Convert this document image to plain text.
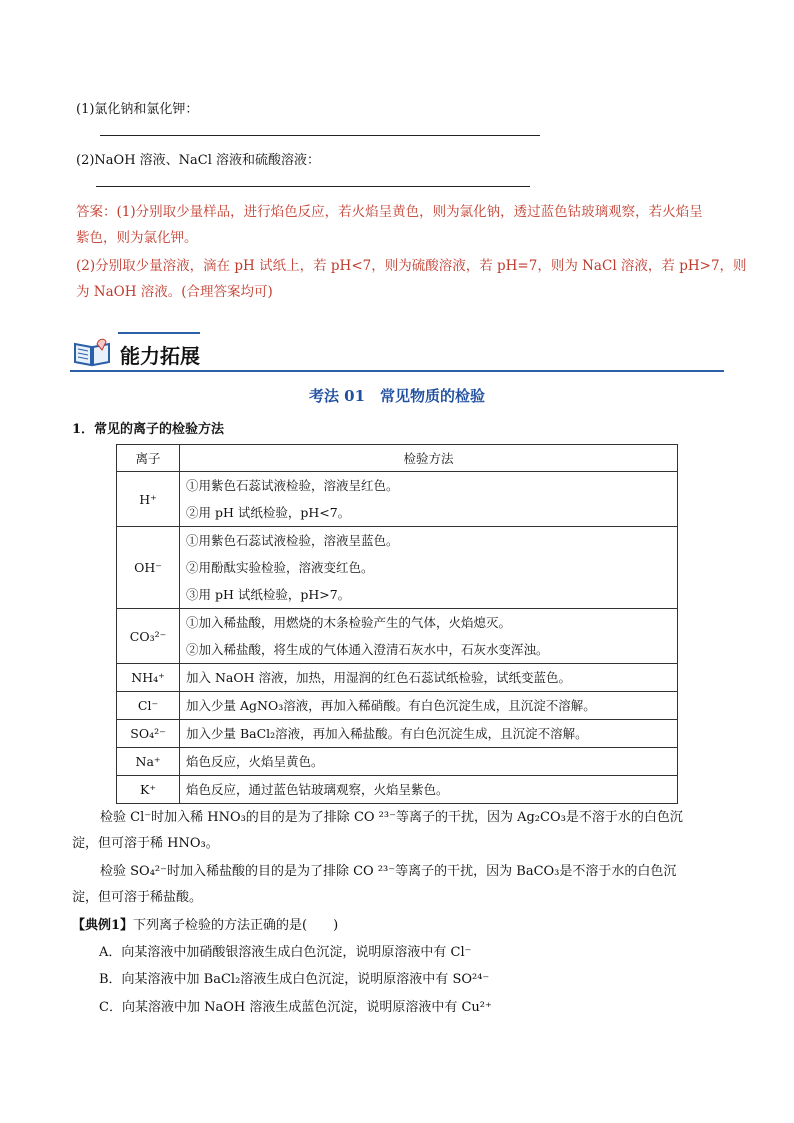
(1)氯化钠和氯化钾：
(2)NaOH 溶液、NaCl 溶液和硫酸溶液：
答案：(1)分别取少量样品，进行焰色反应，若火焰呈黄色，则为氯化钠，透过蓝色钴玻璃观察，若火焰呈
紫色，则为氯化钾。
(2)分别取少量溶液，滴在 pH 试纸上，若 pH<7，则为硫酸溶液，若 pH=7，则为 NaCl 溶液，若 pH>7，则
为 NaOH 溶液。(合理答案均可)
能力拓展
考法 01　常见物质的检验
1．常见的离子的检验方法
离子	检验方法
H⁺	①用紫色石蕊试液检验，溶液呈红色。
②用 pH 试纸检验，pH<7。

OH⁻	①用紫色石蕊试液检验，溶液呈蓝色。
②用酚酞实验检验，溶液变红色。
③用 pH 试纸检验，pH>7。

CO₃²⁻	①加入稀盐酸，用燃烧的木条检验产生的气体，火焰熄灭。
②加入稀盐酸，将生成的气体通入澄清石灰水中，石灰水变浑浊。

NH₄⁺	加入 NaOH 溶液，加热，用湿润的红色石蕊试纸检验，试纸变蓝色。

Cl⁻	加入少量 AgNO₃溶液，再加入稀硝酸。有白色沉淀生成，且沉淀不溶解。

SO₄²⁻	加入少量 BaCl₂溶液，再加入稀盐酸。有白色沉淀生成，且沉淀不溶解。

Na⁺	焰色反应，火焰呈黄色。

K⁺	焰色反应，通过蓝色钴玻璃观察，火焰呈紫色。
检验 Cl⁻时加入稀 HNO₃的目的是为了排除 CO ²³⁻等离子的干扰，因为 Ag₂CO₃是不溶于水的白色沉
淀，但可溶于稀 HNO₃。
检验 SO₄²⁻时加入稀盐酸的目的是为了排除 CO ²³⁻等离子的干扰，因为 BaCO₃是不溶于水的白色沉
淀，但可溶于稀盐酸。
【典例1】下列离子检验的方法正确的是(　　)
A．向某溶液中加硝酸银溶液生成白色沉淀，说明原溶液中有 Cl⁻
B．向某溶液中加 BaCl₂溶液生成白色沉淀，说明原溶液中有 SO²⁴⁻
C．向某溶液中加 NaOH 溶液生成蓝色沉淀，说明原溶液中有 Cu²⁺
